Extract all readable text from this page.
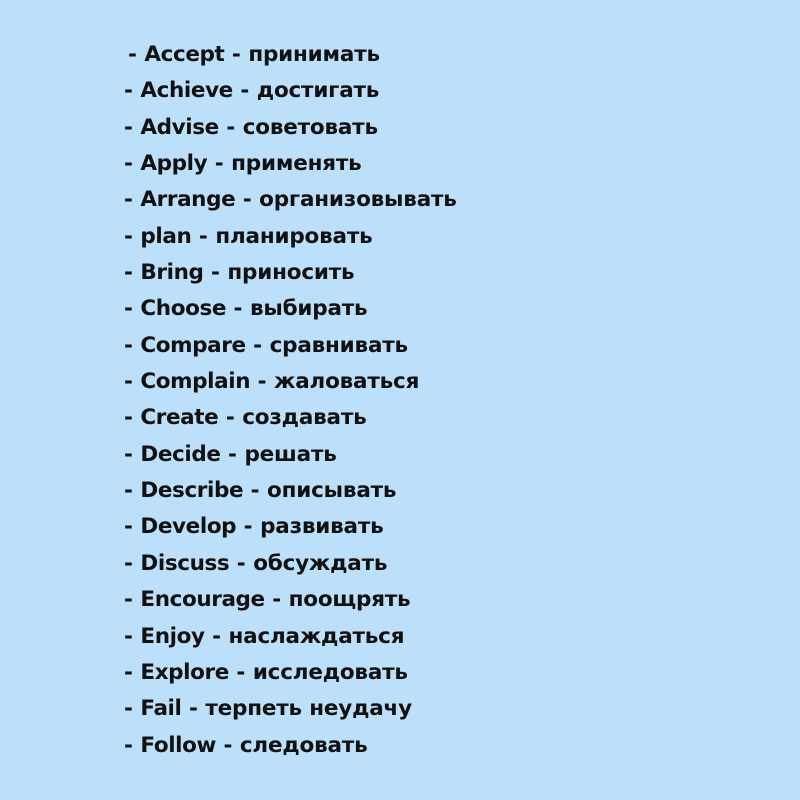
- Accept - принимать
- Achieve - достигать
- Advise - советовать
- Apply - применять
- Arrange - организовывать
- plan - планировать
- Bring - приносить
- Choose - выбирать
- Compare - сравнивать
- Complain - жаловаться
- Create - создавать
- Decide - решать
- Describe - описывать
- Develop - развивать
- Discuss - обсуждать
- Encourage - поощрять
- Enjoy - наслаждаться
- Explore - исследовать
- Fail - терпеть неудачу
- Follow - следовать
